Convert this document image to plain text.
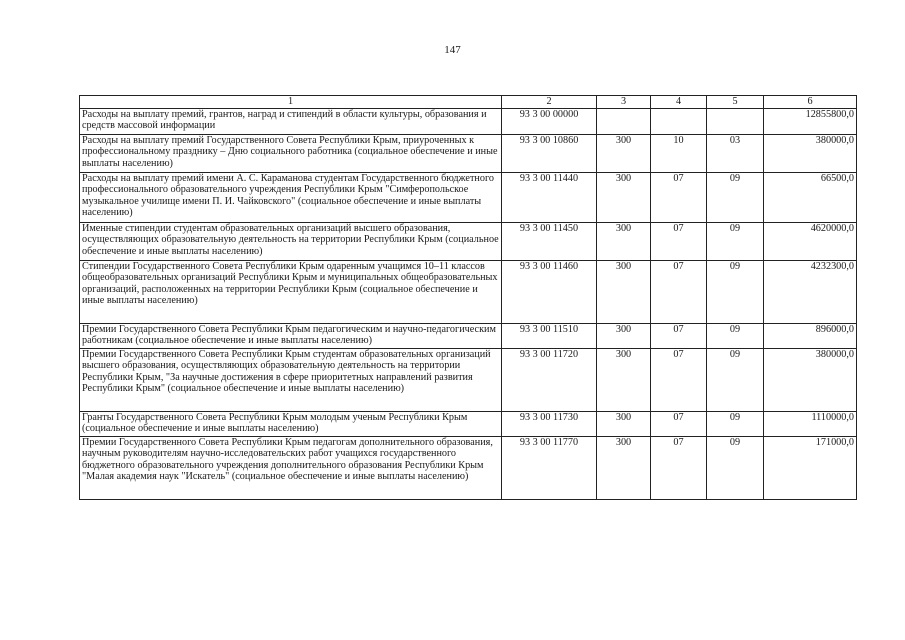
147
1	2	3	4	5	6
Расходы на выплату премий, грантов, наград и стипендий в области культуры, образования и средств массовой информации	93 3 00 00000				12855800,0
Расходы на выплату премий Государственного Совета Республики Крым, приуроченных к профессиональному празднику – Дню социального работника (социальное обеспечение и иные выплаты населению)	93 3 00 10860	300	10	03	380000,0
Расходы на выплату премий имени А. С. Караманова студентам Государственного бюджетного профессионального образовательного учреждения Республики Крым "Симферопольское музыкальное училище имени П. И. Чайковского" (социальное обеспечение и иные выплаты населению)	93 3 00 11440	300	07	09	66500,0
Именные стипендии студентам образовательных организаций высшего образования, осуществляющих образовательную деятельность на территории Республики Крым (социальное обеспечение и иные выплаты населению)	93 3 00 11450	300	07	09	4620000,0
Стипендии Государственного Совета Республики Крым одаренным учащимся 10–11 классов общеобразовательных организаций Республики Крым и муниципальных общеобразовательных организаций, расположенных на территории Республики Крым (социальное обеспечение и иные выплаты населению)	93 3 00 11460	300	07	09	4232300,0
Премии Государственного Совета Республики Крым педагогическим и научно-педагогическим работникам (социальное обеспечение и иные выплаты населению)	93 3 00 11510	300	07	09	896000,0
Премии Государственного Совета Республики Крым студентам образовательных организаций высшего образования, осуществляющих образовательную деятельность на территории Республики Крым, "За научные достижения в сфере приоритетных направлений развития Республики Крым" (социальное обеспечение и иные выплаты населению)	93 3 00 11720	300	07	09	380000,0
Гранты Государственного Совета Республики Крым молодым ученым Республики Крым (социальное обеспечение и иные выплаты населению)	93 3 00 11730	300	07	09	1110000,0
Премии Государственного Совета Республики Крым педагогам дополнительного образования, научным руководителям научно-исследовательских работ учащихся государственного бюджетного образовательного учреждения дополнительного образования Республики Крым "Малая академия наук "Искатель" (социальное обеспечение и иные выплаты населению)	93 3 00 11770	300	07	09	171000,0
